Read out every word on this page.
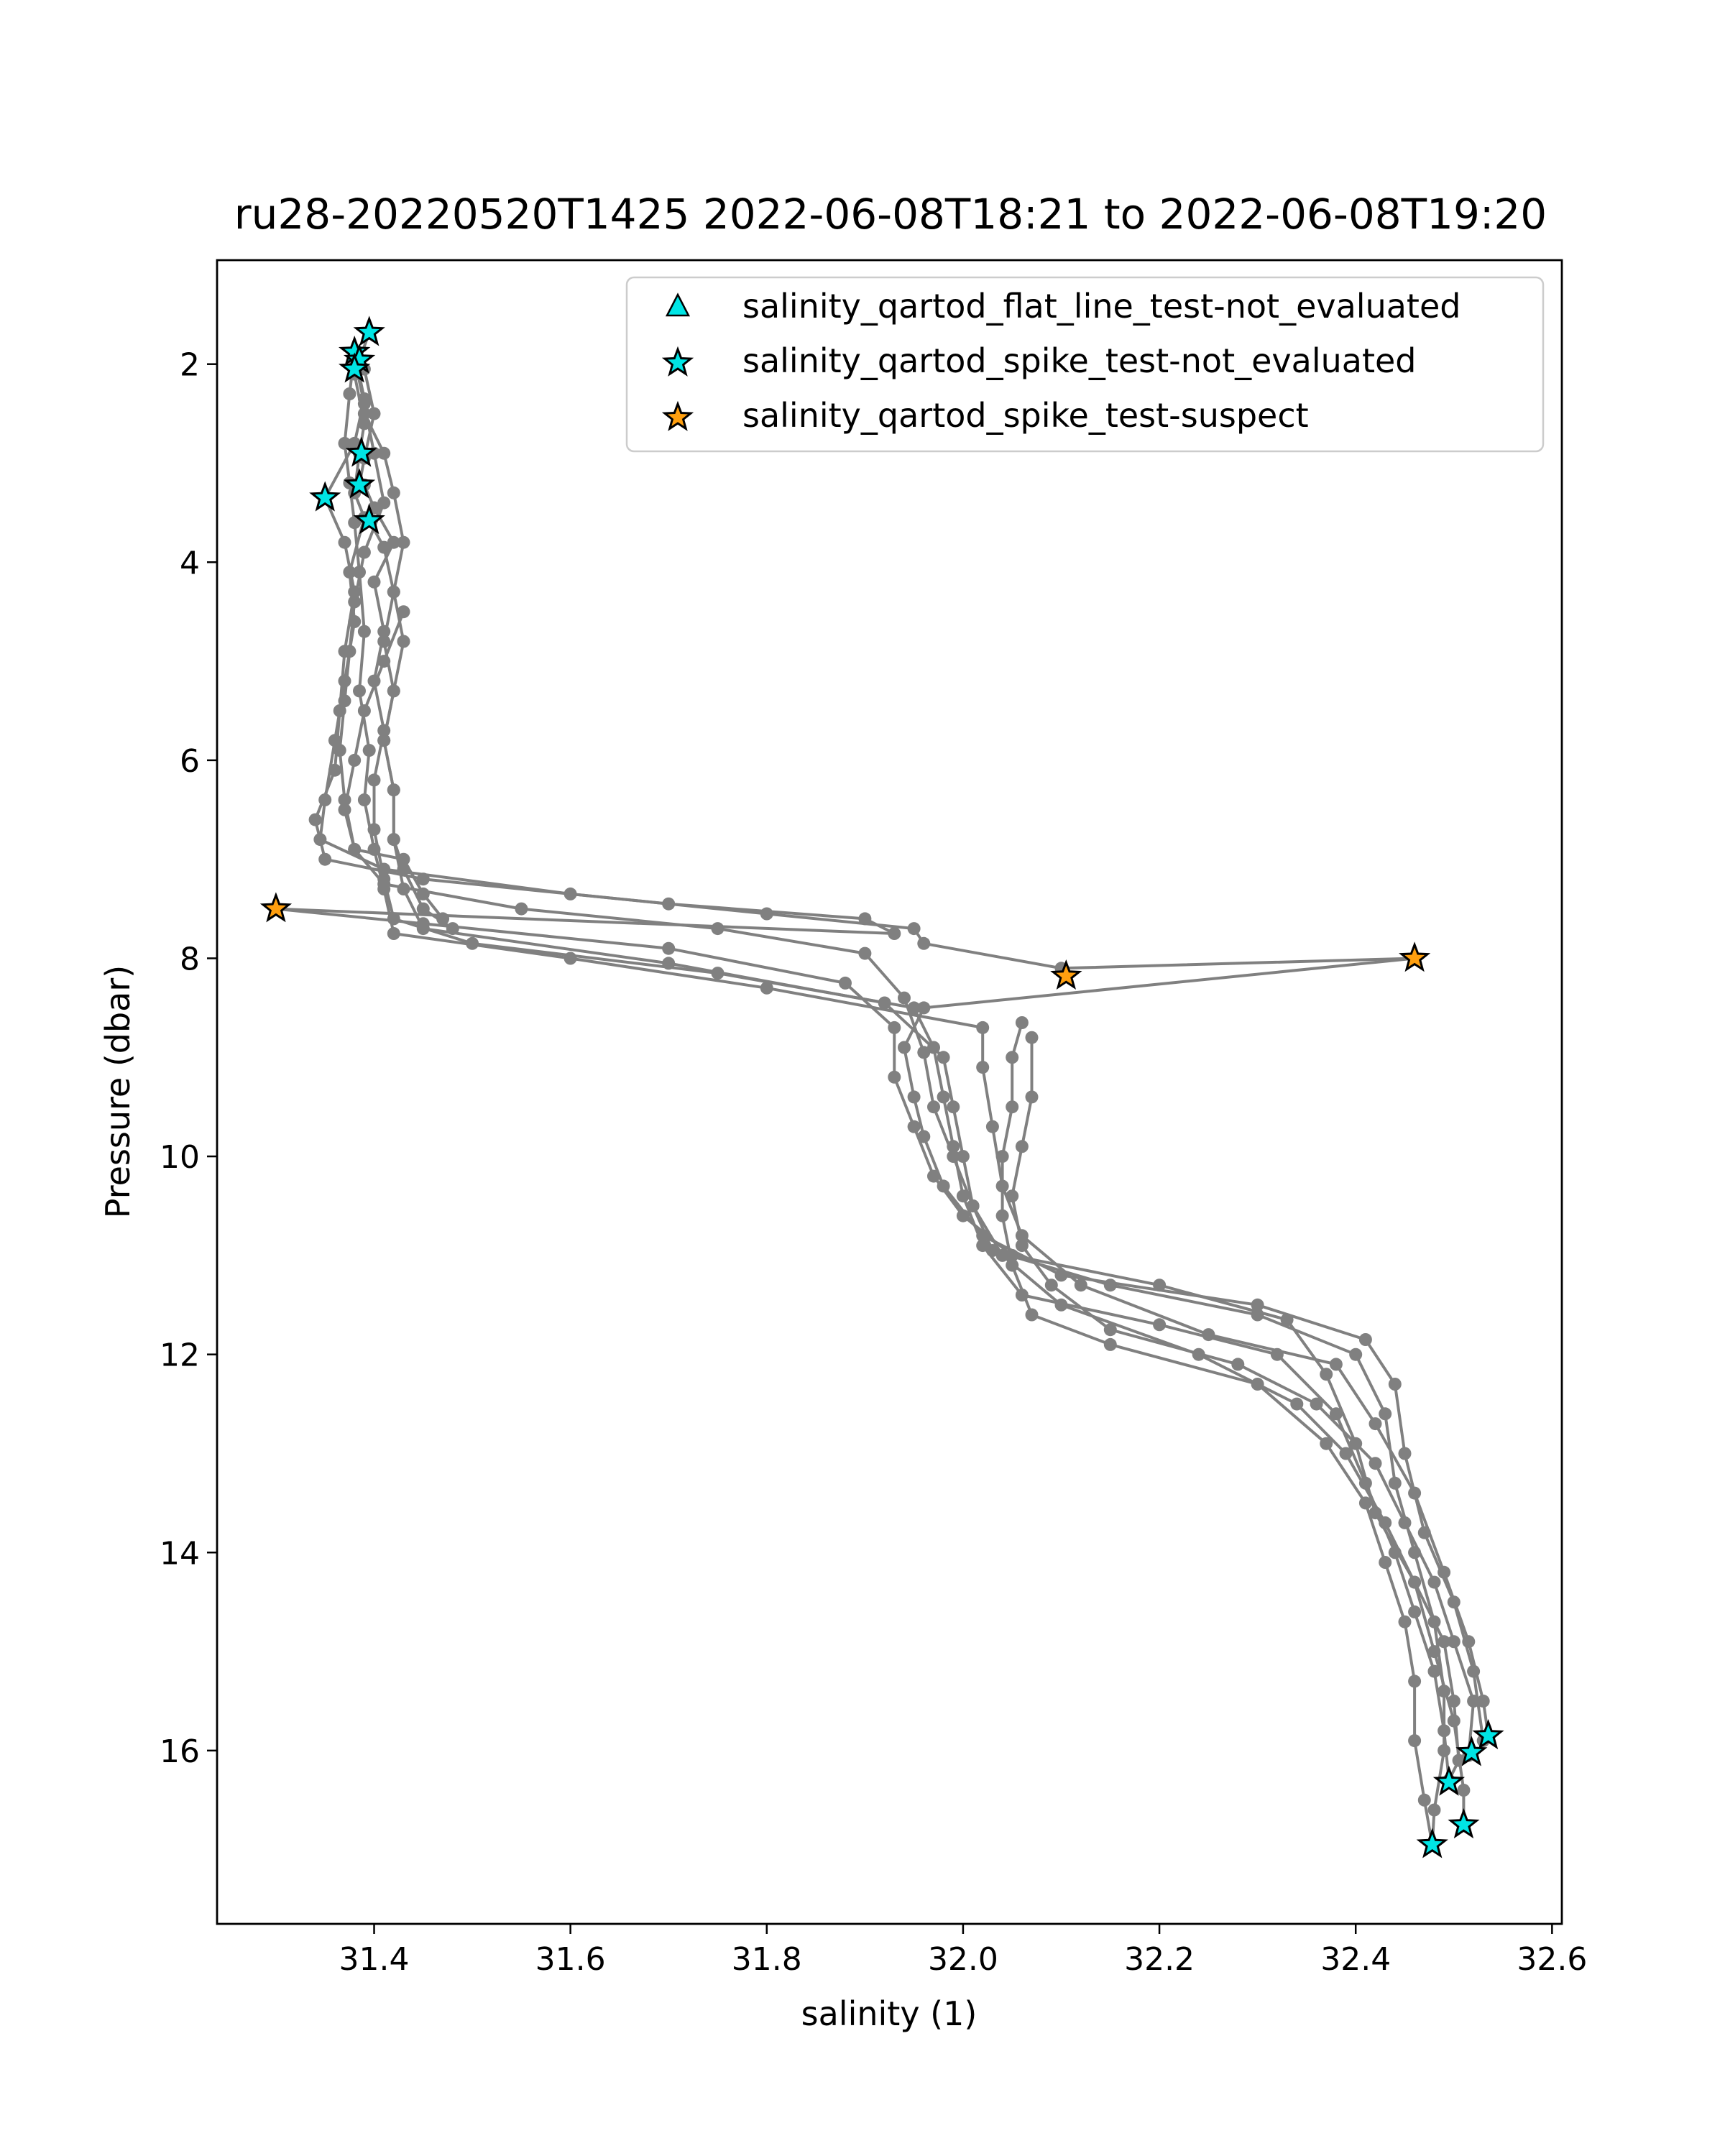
ru28-20220520T1425 2022-06-08T18:21 to 2022-06-08T19:20
31.4	31.6	31.8	32.0	32.2	32.4	32.6
2
4
6
8
10
12
14
16
salinity (1)
Pressure (dbar)
salinity_qartod_flat_line_test-not_evaluated
salinity_qartod_spike_test-not_evaluated
salinity_qartod_spike_test-suspect
